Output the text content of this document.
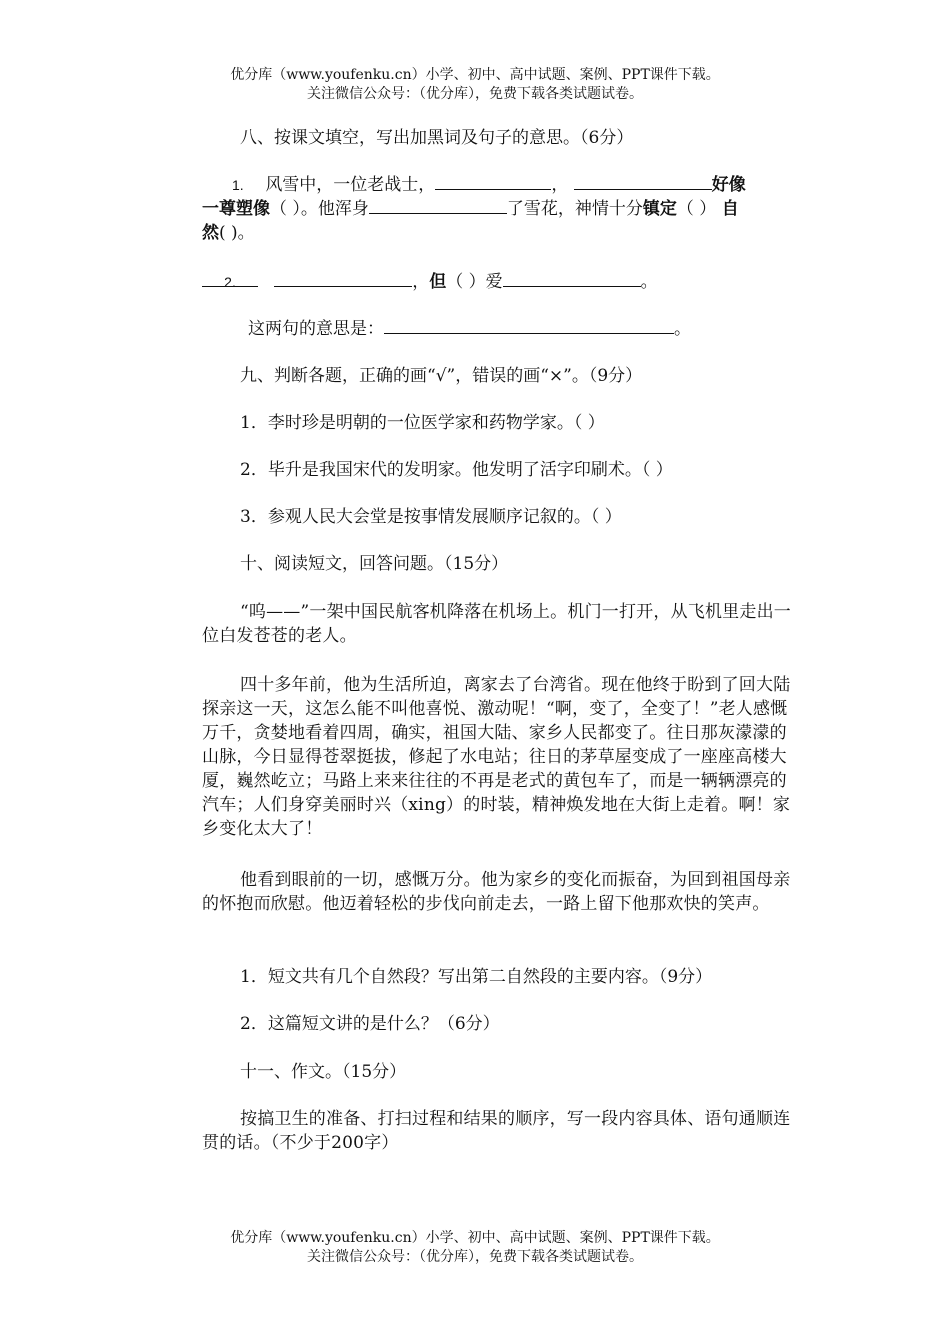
优分库（www.youfenku.cn）小学、初中、高中试题、案例、PPT课件下载。
关注微信公众号：（优分库），免费下载各类试题试卷。
八、按课文填空，写出加黑词及句子的意思。（6分）
1. 风雪中，一位老战士，	，	好像
一尊塑像（ ）。他浑身	了雪花，神情十分镇定（ ） 自
然( )。
2.	，但（ ）爱	。
这两句的意思是：	。
九、判断各题，正确的画“√”，错误的画“×”。（9分）
1．李时珍是明朝的一位医学家和药物学家。（ ）
2．毕升是我国宋代的发明家。他发明了活字印刷术。（ ）
3．参观人民大会堂是按事情发展顺序记叙的。（ ）
十、阅读短文，回答问题。（15分）
“呜——”一架中国民航客机降落在机场上。机门一打开，从飞机里走出一位白发苍苍的老人。
四十多年前，他为生活所迫，离家去了台湾省。现在他终于盼到了回大陆探亲这一天，这怎么能不叫他喜悦、激动呢！“啊，变了，全变了！”老人感慨万千，贪婪地看着四周，确实，祖国大陆、家乡人民都变了。往日那灰濛濛的山脉，今日显得苍翠挺拔，修起了水电站；往日的茅草屋变成了一座座高楼大厦，巍然屹立；马路上来来往往的不再是老式的黄包车了，而是一辆辆漂亮的汽车；人们身穿美丽时兴（xing）的时装，精神焕发地在大街上走着。啊！家乡变化太大了！
他看到眼前的一切，感慨万分。他为家乡的变化而振奋，为回到祖国母亲的怀抱而欣慰。他迈着轻松的步伐向前走去，一路上留下他那欢快的笑声。
1．短文共有几个自然段？写出第二自然段的主要内容。（9分）
2．这篇短文讲的是什么？（6分）
十一、作文。（15分）
按搞卫生的准备、打扫过程和结果的顺序，写一段内容具体、语句通顺连贯的话。（不少于200字）
优分库（www.youfenku.cn）小学、初中、高中试题、案例、PPT课件下载。
关注微信公众号：（优分库），免费下载各类试题试卷。
